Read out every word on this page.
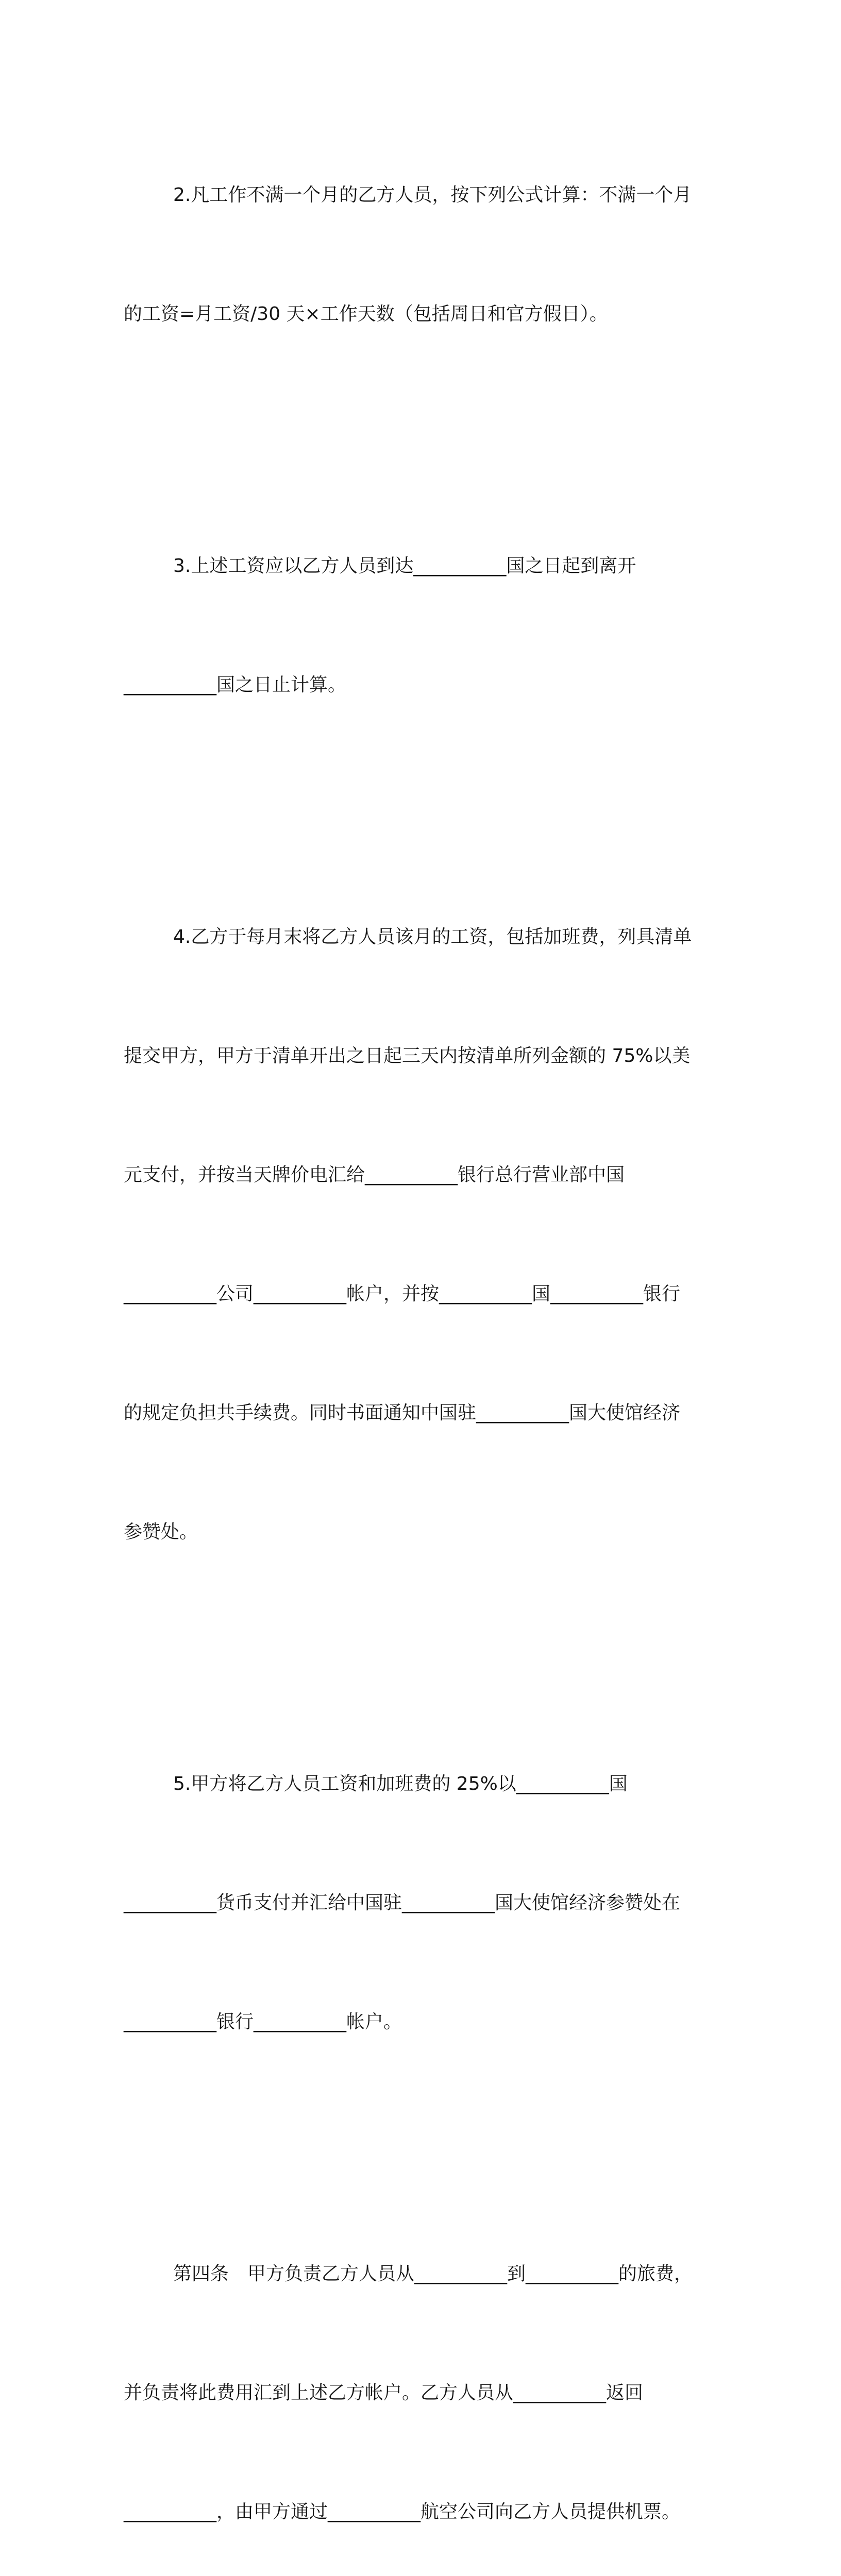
2.凡工作不满一个月的乙方人员，按下列公式计算：不满一个月

的工资=月工资/30 天×工作天数（包括周日和官方假日）。

3.上述工资应以乙方人员到达__________国之日起到离开

__________国之日止计算。

4.乙方于每月末将乙方人员该月的工资，包括加班费，列具清单

提交甲方，甲方于清单开出之日起三天内按清单所列金额的 75%以美

元支付，并按当天牌价电汇给__________银行总行营业部中国

__________公司__________帐户，并按__________国__________银行

的规定负担共手续费。同时书面通知中国驻__________国大使馆经济

参赞处。

5.甲方将乙方人员工资和加班费的 25%以__________国

__________货币支付并汇给中国驻__________国大使馆经济参赞处在

__________银行__________帐户。

第四条　甲方负责乙方人员从__________到__________的旅费，

并负责将此费用汇到上述乙方帐户。乙方人员从__________返回

__________，由甲方通过__________航空公司向乙方人员提供机票。
